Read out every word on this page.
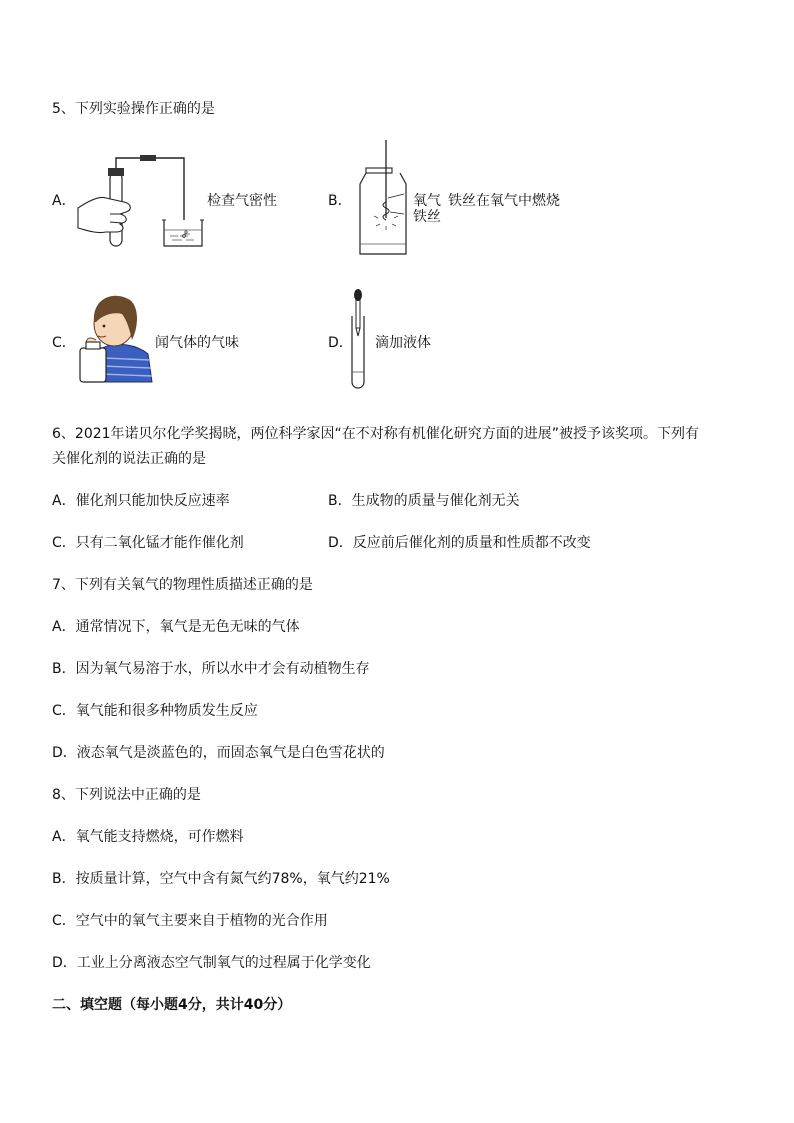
5、下列实验操作正确的是
A．	检查气密性	B．	氧气 铁丝在氧气中燃烧
铁丝
C．	闻气体的气味	D． 滴加液体
6、2021年诺贝尔化学奖揭晓，两位科学家因“在不对称有机催化研究方面的进展”被授予该奖项。下列有
关催化剂的说法正确的是
A．催化剂只能加快反应速率	B．生成物的质量与催化剂无关
C．只有二氧化锰才能作催化剂	D．反应前后催化剂的质量和性质都不改变
7、下列有关氧气的物理性质描述正确的是
A．通常情况下，氧气是无色无味的气体
B．因为氧气易溶于水，所以水中才会有动植物生存
C．氧气能和很多种物质发生反应
D．液态氧气是淡蓝色的，而固态氧气是白色雪花状的
8、下列说法中正确的是
A．氧气能支持燃烧，可作燃料
B．按质量计算，空气中含有氮气约78%，氧气约21%
C．空气中的氧气主要来自于植物的光合作用
D．工业上分离液态空气制氧气的过程属于化学变化
二、填空题（每小题4分，共计40分）
